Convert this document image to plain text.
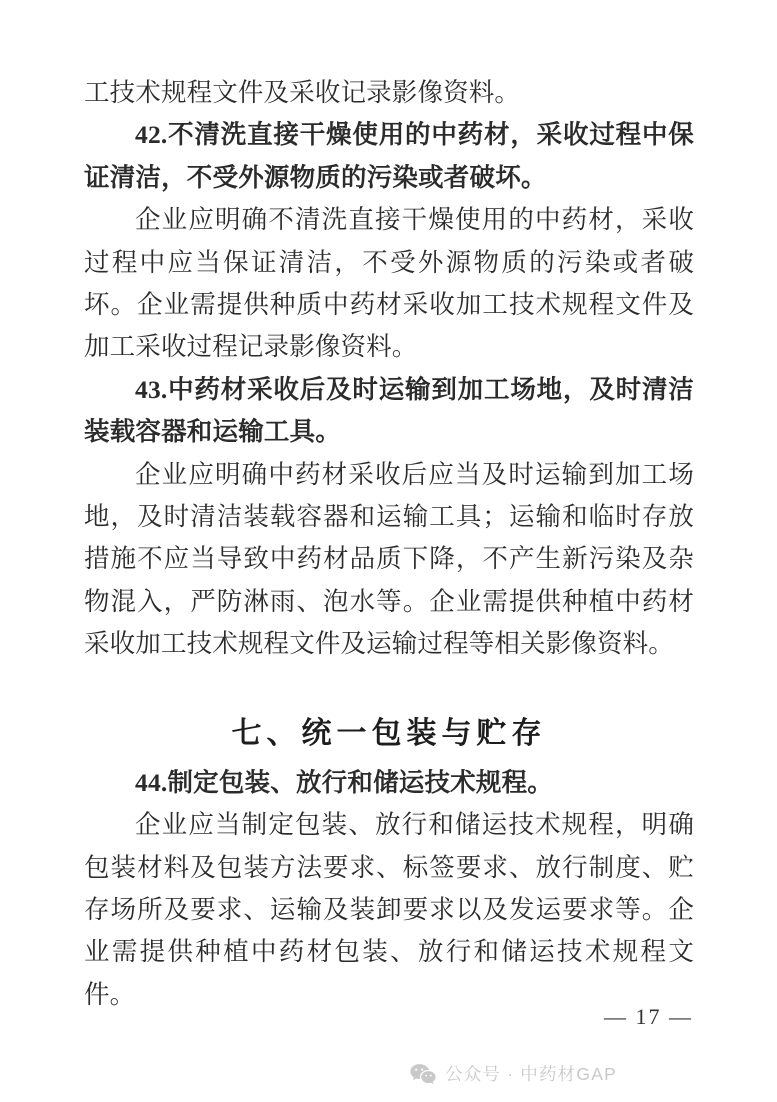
工技术规程文件及采收记录影像资料。

42.不清洗直接干燥使用的中药材，采收过程中保证清洁，不受外源物质的污染或者破坏。

企业应明确不清洗直接干燥使用的中药材，采收过程中应当保证清洁，不受外源物质的污染或者破坏。企业需提供种质中药材采收加工技术规程文件及加工采收过程记录影像资料。

43.中药材采收后及时运输到加工场地，及时清洁装载容器和运输工具。

企业应明确中药材采收后应当及时运输到加工场地，及时清洁装载容器和运输工具；运输和临时存放措施不应当导致中药材品质下降，不产生新污染及杂物混入，严防淋雨、泡水等。企业需提供种植中药材采收加工技术规程文件及运输过程等相关影像资料。

七、统一包装与贮存

44.制定包装、放行和储运技术规程。

企业应当制定包装、放行和储运技术规程，明确包装材料及包装方法要求、标签要求、放行制度、贮存场所及要求、运输及装卸要求以及发运要求等。企业需提供种植中药材包装、放行和储运技术规程文件。

— 17 —
公众号 · 中药材GAP
